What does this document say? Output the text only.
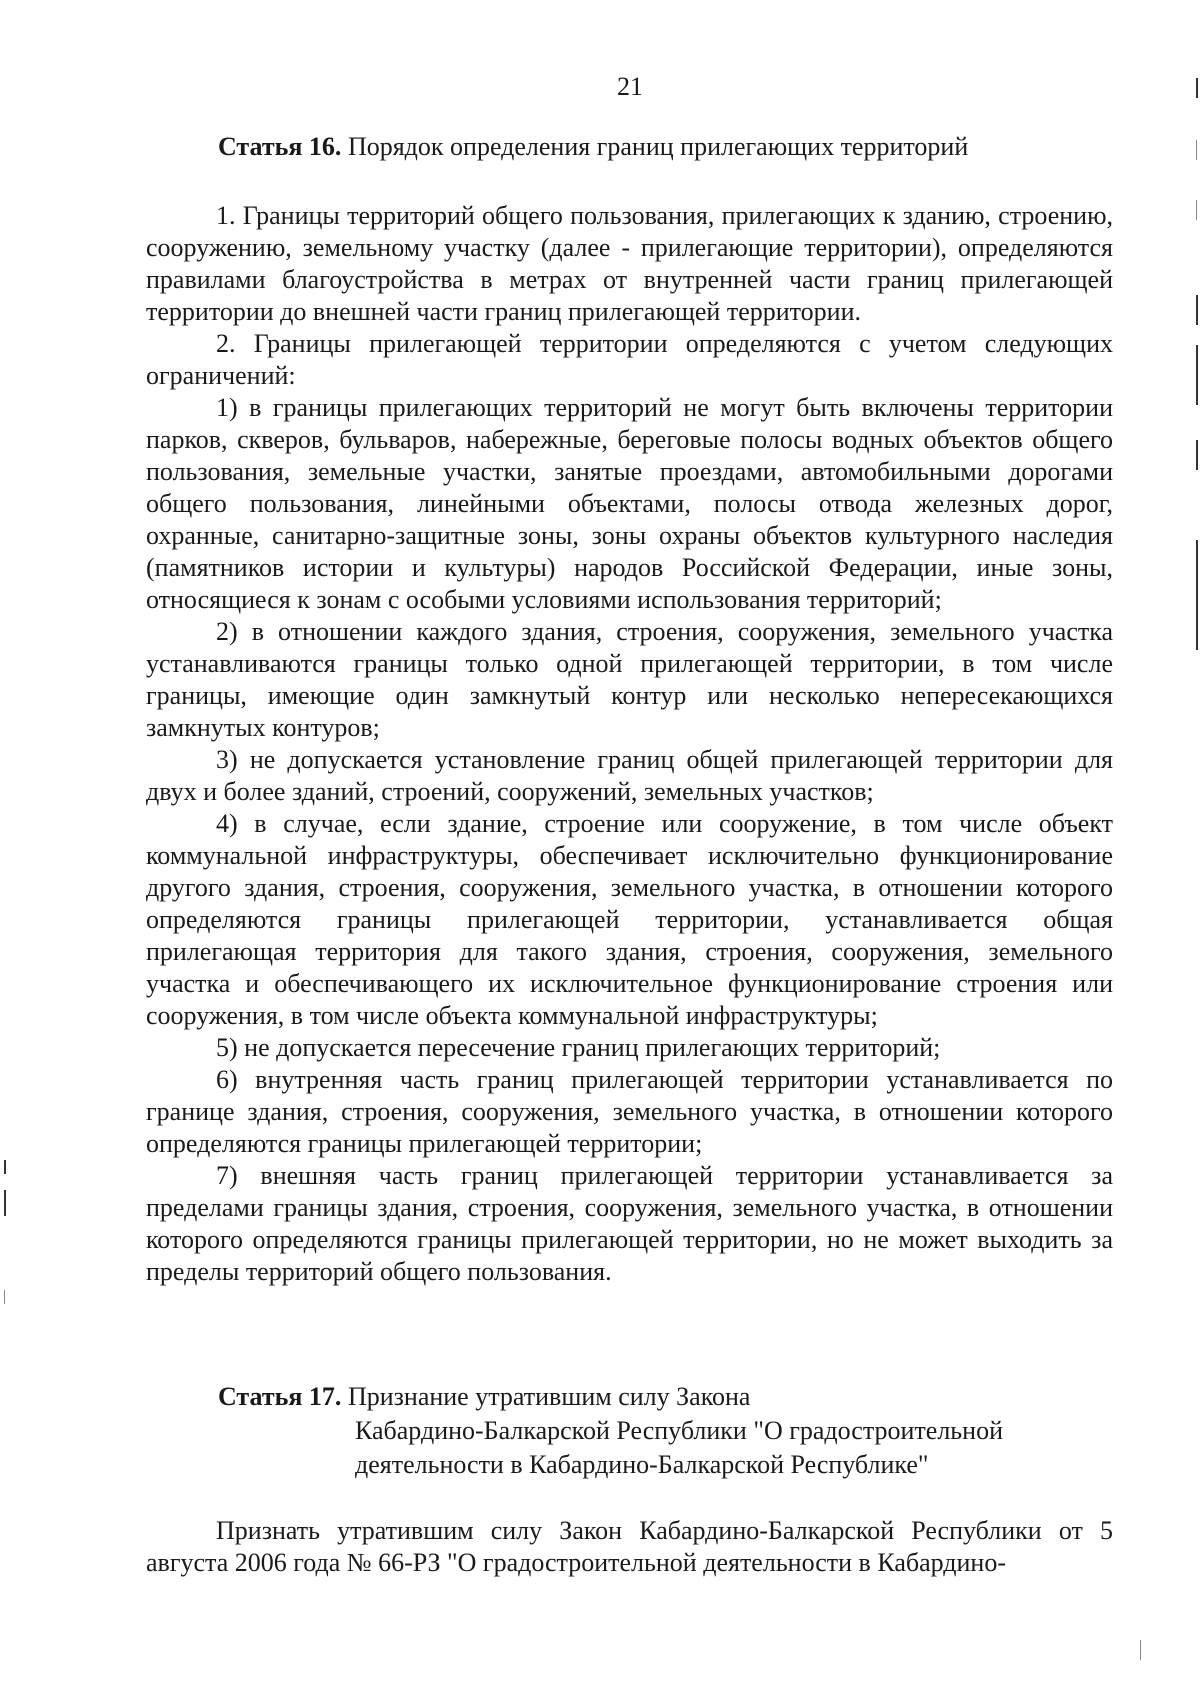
21
Статья 16. Порядок определения границ прилегающих территорий

1. Границы территорий общего пользования, прилегающих к зданию, строению, сооружению, земельному участку (далее - прилегающие территории), определяются правилами благоустройства в метрах от внутренней части границ прилегающей территории до внешней части границ прилегающей территории.

2. Границы прилегающей территории определяются с учетом следующих ограничений:

1) в границы прилегающих территорий не могут быть включены территории парков, скверов, бульваров, набережные, береговые полосы водных объектов общего пользования, земельные участки, занятые проездами, автомобильными дорогами общего пользования, линейными объектами, полосы отвода железных дорог, охранные, санитарно-защитные зоны, зоны охраны объектов культурного наследия (памятников истории и культуры) народов Российской Федерации, иные зоны, относящиеся к зонам с особыми условиями использования территорий;

2) в отношении каждого здания, строения, сооружения, земельного участка устанавливаются границы только одной прилегающей территории, в том числе границы, имеющие один замкнутый контур или несколько непересекающихся замкнутых контуров;

3) не допускается установление границ общей прилегающей территории для двух и более зданий, строений, сооружений, земельных участков;

4) в случае, если здание, строение или сооружение, в том числе объект коммунальной инфраструктуры, обеспечивает исключительно функционирование другого здания, строения, сооружения, земельного участка, в отношении которого определяются границы прилегающей территории, устанавливается общая прилегающая территория для такого здания, строения, сооружения, земельного участка и обеспечивающего их исключительное функционирование строения или сооружения, в том числе объекта коммунальной инфраструктуры;

5) не допускается пересечение границ прилегающих территорий;

6) внутренняя часть границ прилегающей территории устанавливается по границе здания, строения, сооружения, земельного участка, в отношении которого определяются границы прилегающей территории;

7) внешняя часть границ прилегающей территории устанавливается за пределами границы здания, строения, сооружения, земельного участка, в отношении которого определяются границы прилегающей территории, но не может выходить за пределы территорий общего пользования.

Статья 17. Признание утратившим силу Закона
Кабардино-Балкарской Республики "О градостроительной
деятельности в Кабардино-Балкарской Республике"

Признать утратившим силу Закон Кабардино-Балкарской Республики от 5 августа 2006 года № 66-РЗ "О градостроительной деятельности в Кабардино-
